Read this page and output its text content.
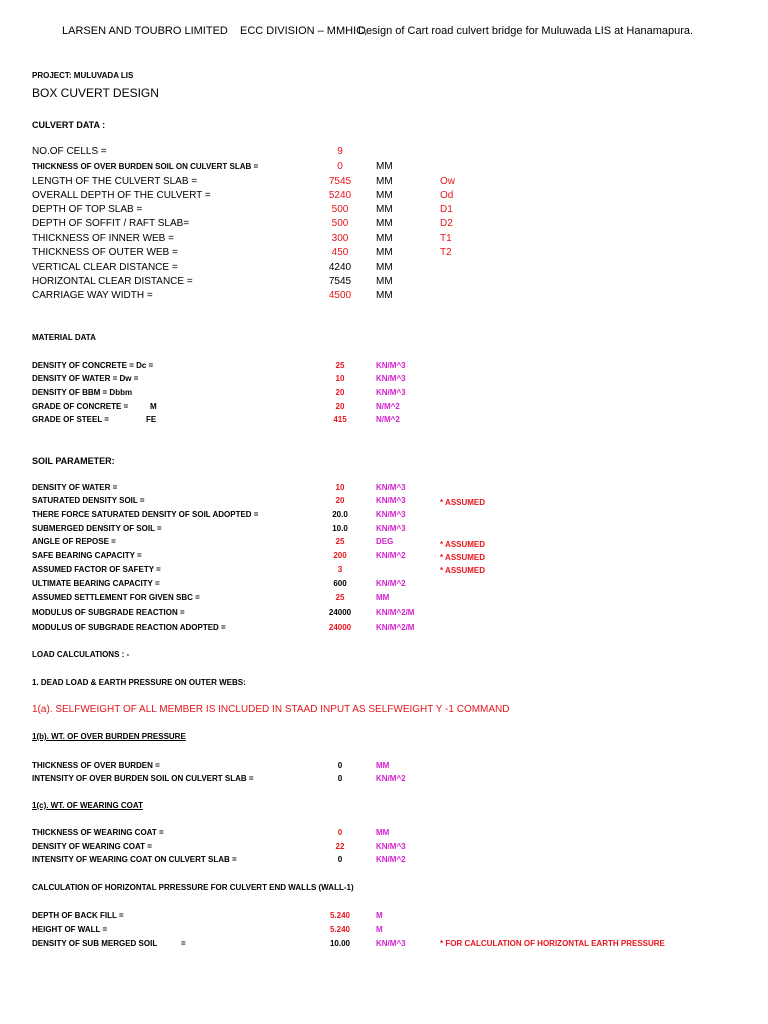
LARSEN AND TOUBRO LIMITED ECC DIVISION – MMHIC,
Design of Cart road culvert bridge for Muluwada LIS at Hanamapura.
PROJECT: MULUVADA LIS
BOX CUVERT DESIGN
CULVERT DATA :
NO.OF CELLS =	9
THICKNESS OF OVER BURDEN SOIL ON CULVERT SLAB =	0	MM
LENGTH OF THE CULVERT SLAB =	7545	MM	Ow
OVERALL DEPTH OF THE CULVERT =	5240	MM	Od
DEPTH OF TOP SLAB =	500	MM	D1
DEPTH OF SOFFIT / RAFT SLAB=	500	MM	D2
THICKNESS OF INNER WEB =	300	MM	T1
THICKNESS OF OUTER WEB =	450	MM	T2
VERTICAL CLEAR DISTANCE =	4240	MM
HORIZONTAL CLEAR DISTANCE =	7545	MM
CARRIAGE WAY WIDTH =	4500	MM
MATERIAL DATA
DENSITY OF CONCRETE = Dc =	25	KN/M^3
DENSITY OF WATER = Dw =	10	KN/M^3
DENSITY OF BBM = Dbbm	20	KN/M^3
GRADE OF CONCRETE =	M	20	N/M^2
GRADE OF STEEL =	FE	415	N/M^2
SOIL PARAMETER:
DENSITY OF WATER =	10	KN/M^3
SATURATED DENSITY SOIL =	20	KN/M^3	* ASSUMED
THERE FORCE SATURATED DENSITY OF SOIL ADOPTED =	20.0	KN/M^3
SUBMERGED DENSITY OF SOIL =	10.0	KN/M^3
ANGLE OF REPOSE =	25	DEG	* ASSUMED
SAFE BEARING CAPACITY =	200	KN/M^2	* ASSUMED
ASSUMED FACTOR OF SAFETY =	3	* ASSUMED
ULTIMATE BEARING CAPACITY =	600	KN/M^2
ASSUMED SETTLEMENT FOR GIVEN SBC =	25	MM
MODULUS OF SUBGRADE REACTION =	24000	KN/M^2/M
MODULUS OF SUBGRADE REACTION ADOPTED =	24000	KN/M^2/M
LOAD CALCULATIONS : -
1. DEAD LOAD & EARTH PRESSURE ON OUTER WEBS:
1(a). SELFWEIGHT OF ALL MEMBER IS INCLUDED IN STAAD INPUT AS SELFWEIGHT Y -1 COMMAND
1(b). WT. OF OVER BURDEN PRESSURE
THICKNESS OF OVER BURDEN =	0	MM
INTENSITY OF OVER BURDEN SOIL ON CULVERT SLAB =	0	KN/M^2
1(c). WT. OF WEARING COAT
THICKNESS OF WEARING COAT =	0	MM
DENSITY OF WEARING COAT =	22	KN/M^3
INTENSITY OF WEARING COAT ON CULVERT SLAB =	0	KN/M^2
CALCULATION OF HORIZONTAL PRRESSURE FOR CULVERT END WALLS (WALL-1)
DEPTH OF BACK FILL =	5.240	M
HEIGHT OF WALL =	5.240	M
DENSITY OF SUB MERGED SOIL	=	10.00	KN/M^3	* FOR CALCULATION OF HORIZONTAL EARTH PRESSURE
